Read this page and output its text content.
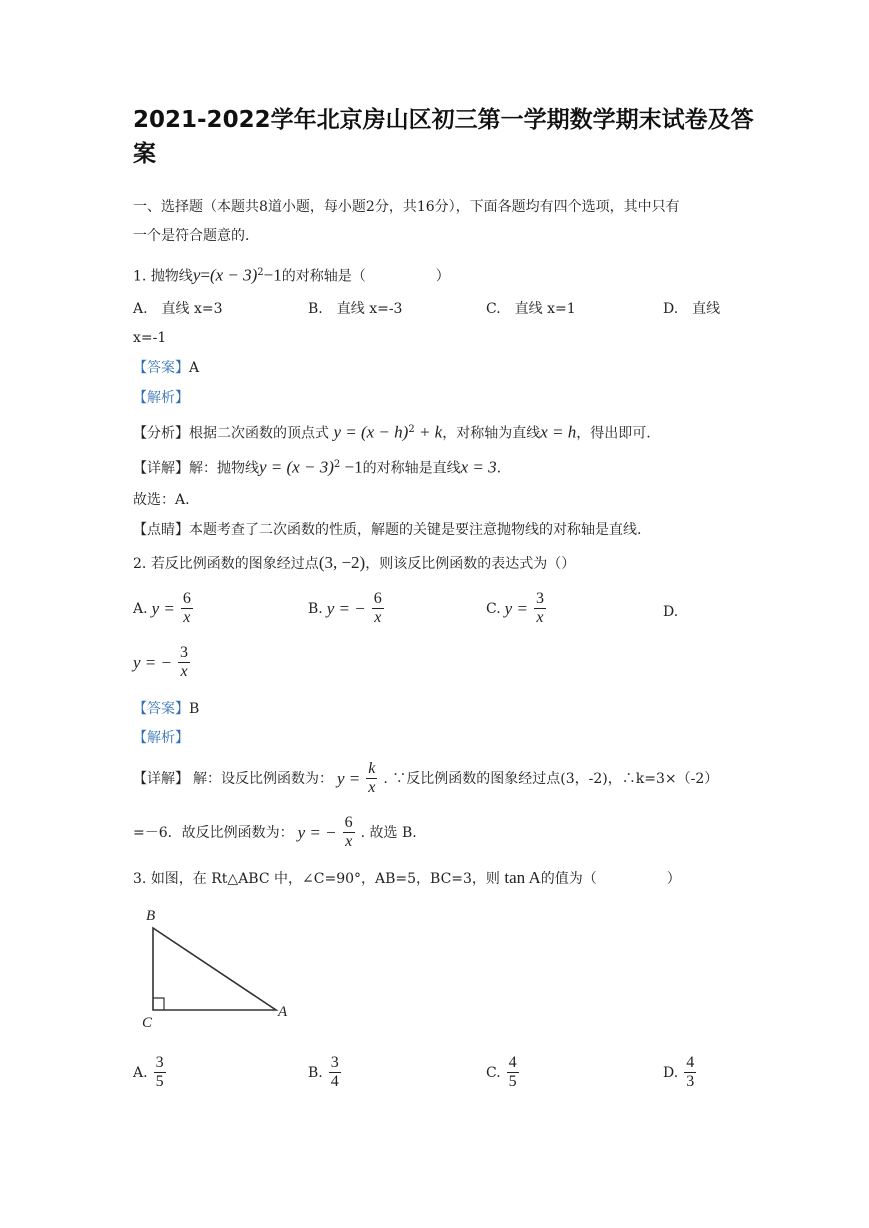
2021-2022学年北京房山区初三第一学期数学期末试卷及答
案
一、选择题（本题共8道小题，每小题2分，共16分），下面各题均有四个选项，其中只有
一个是符合题意的.
1. 抛物线$y=(x - 3)^2-1$的对称轴是（　　　　　）
A.　直线 x=3	B.　直线 x=-3	C.　直线 x=1	D.　直线
x=-1
【答案】A
【解析】
【分析】根据二次函数的顶点式 $y = (x - h)^2 + k$，对称轴为直线x = h，得出即可.
【详解】解：抛物线$y = (x - 3)^2 -1$的对称轴是直线x = 3.
故选：A.
【点睛】本题考查了二次函数的性质，解题的关键是要注意抛物线的对称轴是直线.
2. 若反比例函数的图象经过点(3, −2)，则该反比例函数的表达式为（）
A. $y = \frac{6}{x}$	B. y = − $\frac{6}{x}$	C. $y = \frac{3}{x}$	D.
y = − $\frac{3}{x}$
【答案】B
【解析】
【详解】 解：设反比例函数为： $y = \frac{k}{x}$ . ∵反比例函数的图象经过点(3，-2)，∴k=3×（-2）
=－6．故反比例函数为： y = − $\frac{6}{x}$ . 故选 B.
3. 如图，在 Rt△ABC 中，∠C=90°，AB=5，BC=3，则 tan A的值为（　　　　　）
B
C
A
A. $\frac{3}{5}$	B. $\frac{3}{4}$	C. $\frac{4}{5}$	D. $\frac{4}{3}$
